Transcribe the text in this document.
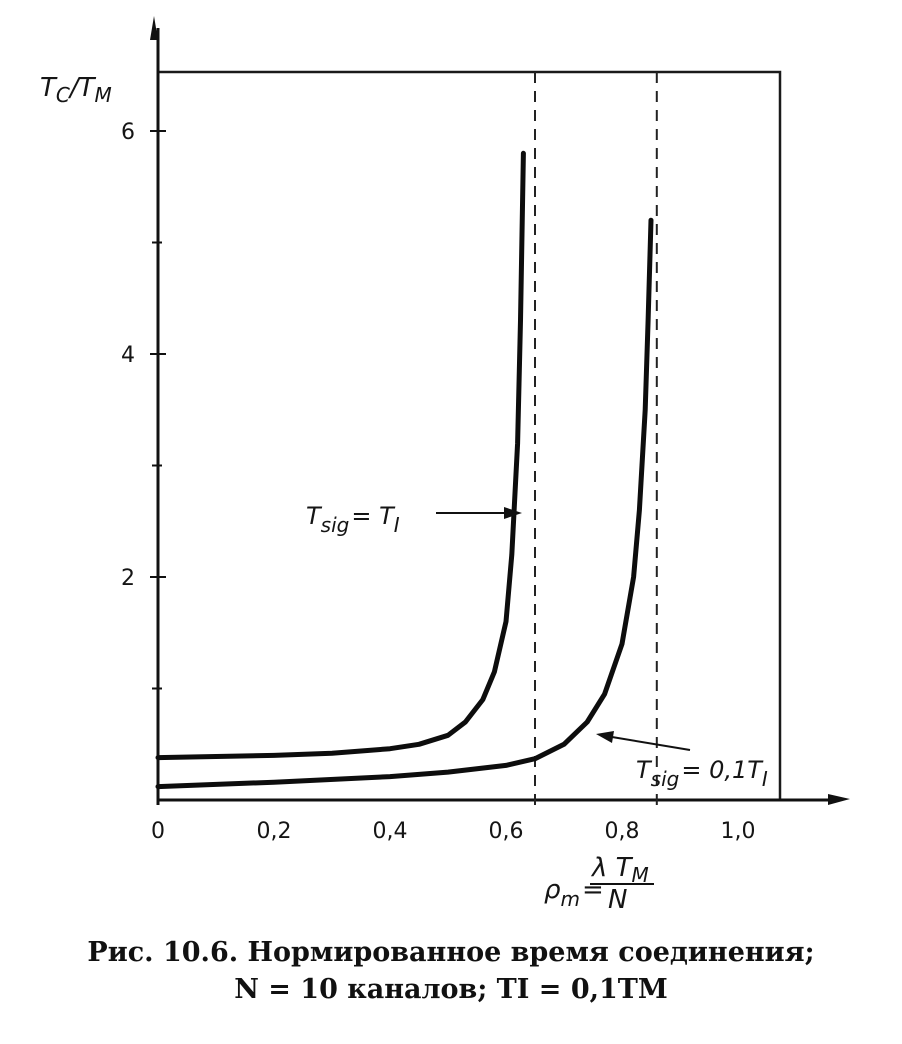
0	0,2	0,4	0,6	0,8	1,0
2
4
6
$T_C/T_M$
$\rho_m=$
λ $T_M$
N
$T_{sig}= T_I$
$T_{sig}= 0,1T_I$
Рис. 10.6. Нормированное время соединения;
N = 10 каналов; TI = 0,1TM
